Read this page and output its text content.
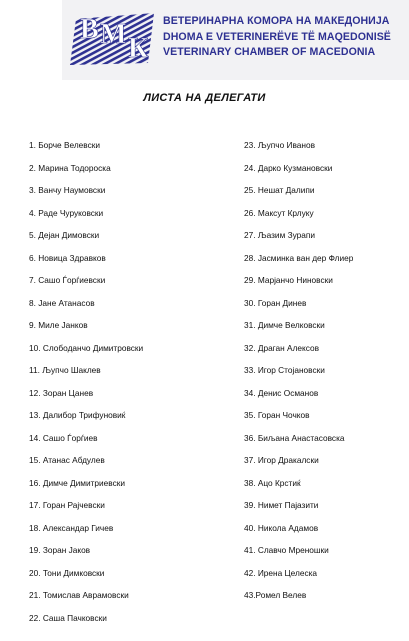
В М К
ВЕТЕРИНАРНА КОМОРА НА МАКЕДОНИЈА
DHOMA E VETERINERËVE TË MAQEDONISË
VETERINARY CHAMBER OF MACEDONIA
ЛИСТА НА ДЕЛЕГАТИ
1. Борче Велевски
2. Марина Тодороска
3. Ванчу Наумовски
4. Раде Чуруковски
5. Дејан Димовски
6. Новица Здравков
7. Сашо Ѓорѓиевски
8. Јане Атанасов
9. Миле Јанков
10. Слободанчо Димитровски
11. Љупчо Шаклев
12. Зоран Цанев
13. Далибор Трифуновиќ
14. Сашо Ѓорѓиев
15. Атанас Абдулев
16. Димче Димитриевски
17. Горан Рајчевски
18. Александар Гичев
19. Зоран Јаков
20. Тони Димковски
21. Томислав Аврамовски
22. Саша Пачковски
23. Љупчо Иванов
24. Дарко Кузмановски
25. Нешат Далипи
26. Максут Крлуку
27. Љазим Зурапи
28. Јасминка ван дер Флиер
29. Марјанчо Ниновски
30. Горан Динев
31. Димче Велковски
32. Драган Алексов
33. Игор Стојановски
34. Денис Османов
35. Горан Чочков
36. Биљана Анастасовска
37. Игор Дракалски
38. Ацо Крстиќ
39. Нимет Пајазити
40. Никола Адамов
41. Славчо Мреношки
42. Ирена Целеска
43.Ромел Велев
